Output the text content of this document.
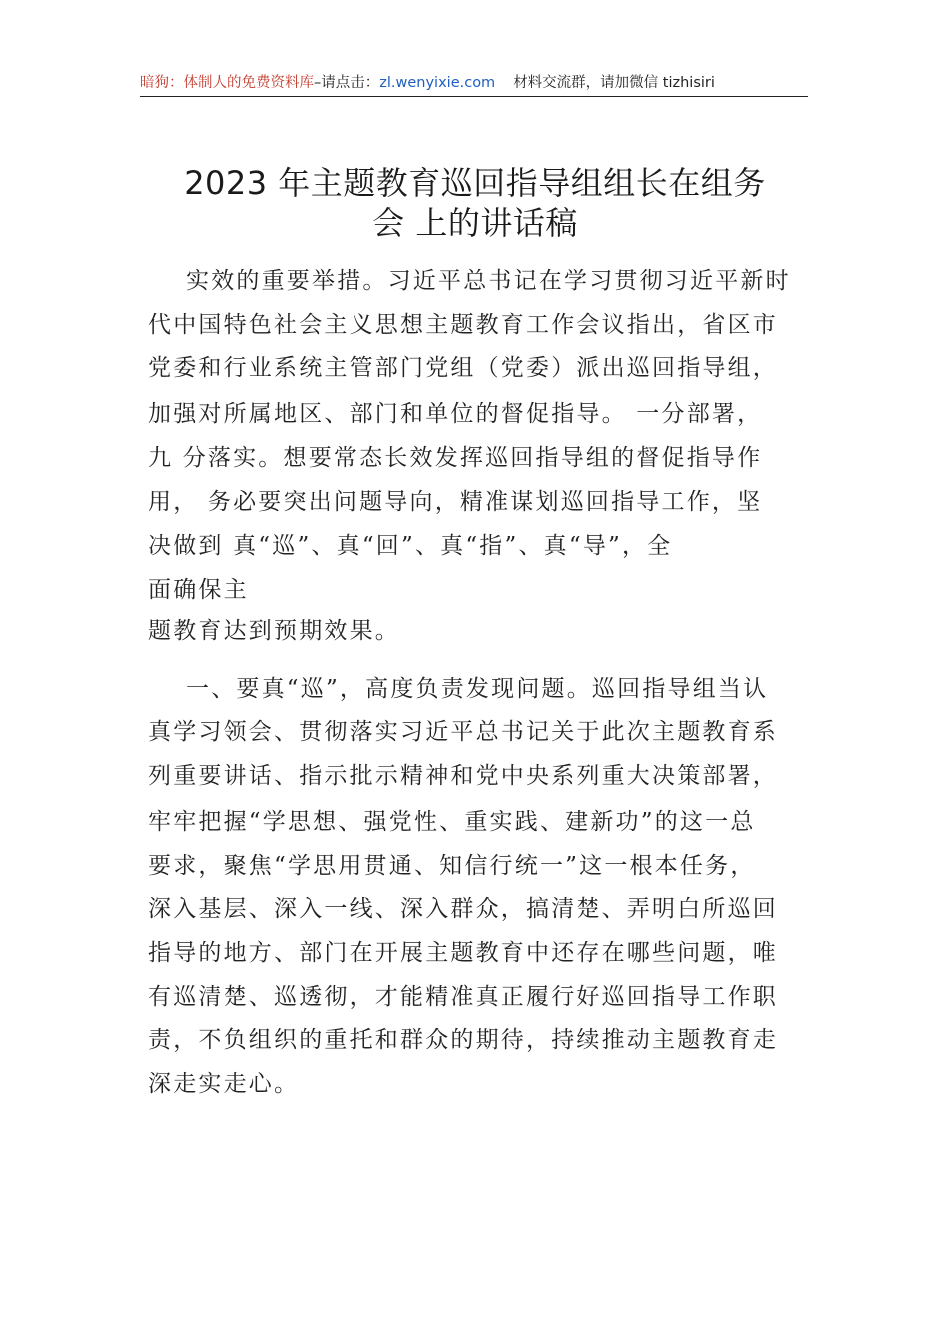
暗狗：体制人的免费资料库–请点击：zl.wenyixie.com 材料交流群，请加微信 tizhisiri
2023 年主题教育巡回指导组组长在组务
会 上的讲话稿
实效的重要举措。习近平总书记在学习贯彻习近平新时
代中国特色社会主义思想主题教育工作会议指出，省区市
党委和行业系统主管部门党组（党委）派出巡回指导组，
加强对所属地区、部门和单位的督促指导。 一分部署，
九 分落实。想要常态长效发挥巡回指导组的督促指导作
用， 务必要突出问题导向，精准谋划巡回指导工作，坚
决做到 真“巡”、真“回”、真“指”、真“导”，全
面确保主
题教育达到预期效果。
一、要真“巡”，高度负责发现问题。巡回指导组当认
真学习领会、贯彻落实习近平总书记关于此次主题教育系
列重要讲话、指示批示精神和党中央系列重大决策部署，
牢牢把握“学思想、强党性、重实践、建新功”的这一总
要求，聚焦“学思用贯通、知信行统一”这一根本任务，
深入基层、深入一线、深入群众，搞清楚、弄明白所巡回
指导的地方、部门在开展主题教育中还存在哪些问题，唯
有巡清楚、巡透彻，才能精准真正履行好巡回指导工作职
责，不负组织的重托和群众的期待，持续推动主题教育走
深走实走心。
